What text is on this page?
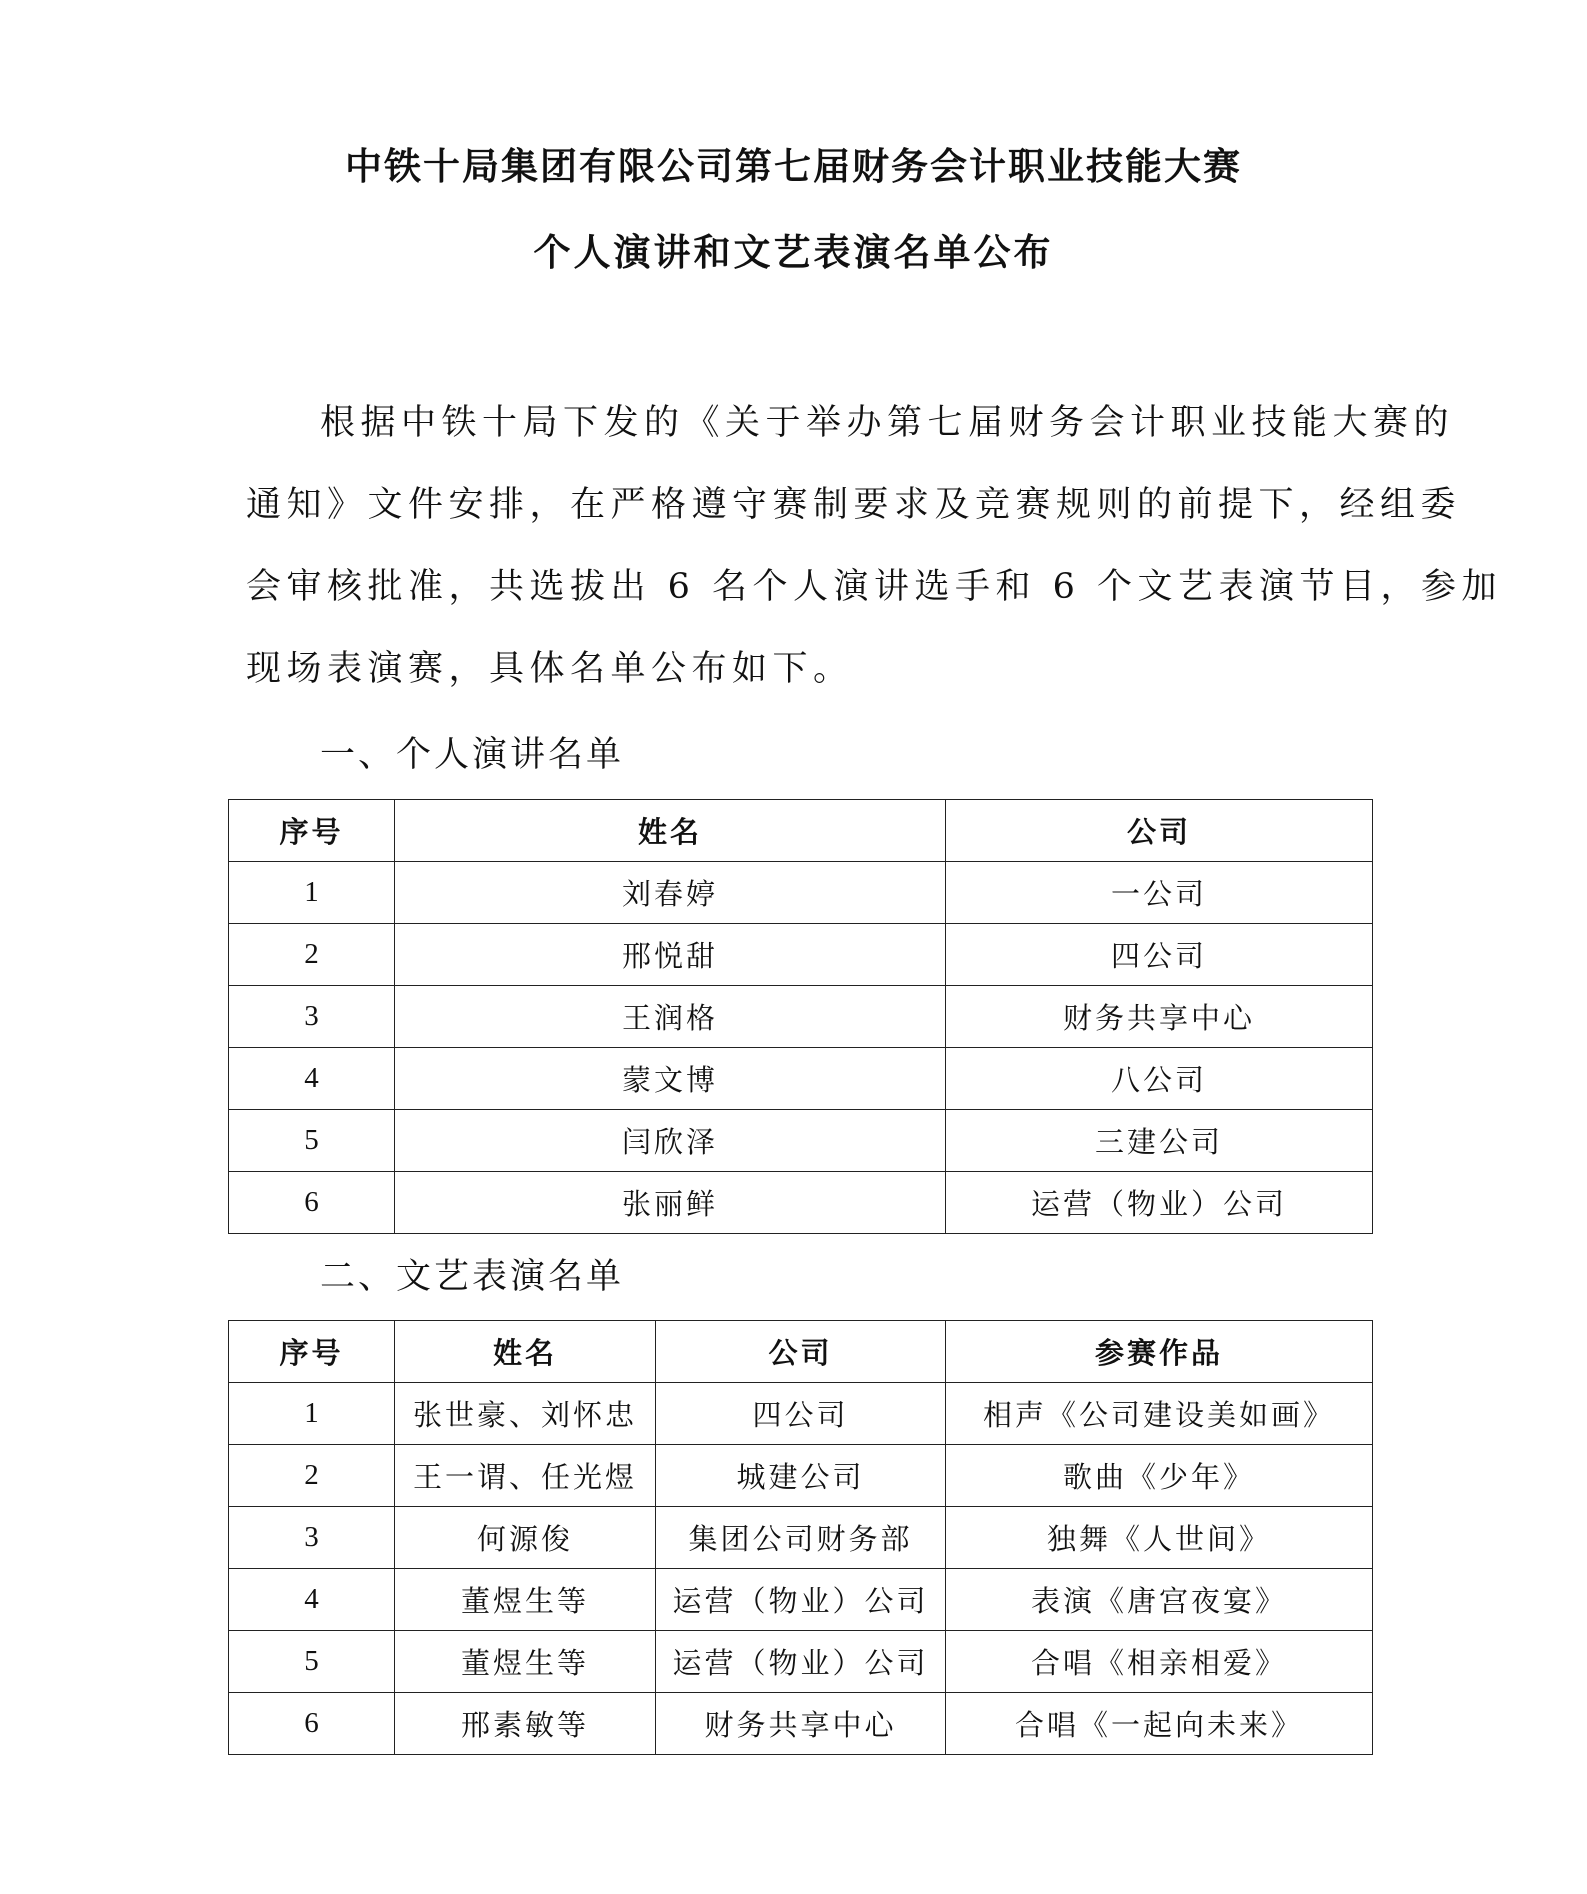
中铁十局集团有限公司第七届财务会计职业技能大赛
个人演讲和文艺表演名单公布
根据中铁十局下发的《关于举办第七届财务会计职业技能大赛的
通知》文件安排，在严格遵守赛制要求及竞赛规则的前提下，经组委
会审核批准，共选拔出 6 名个人演讲选手和 6 个文艺表演节目，参加
现场表演赛，具体名单公布如下。
一、个人演讲名单
序号	姓名	公司
1	刘春婷	一公司
2	邢悦甜	四公司
3	王润格	财务共享中心
4	蒙文博	八公司
5	闫欣泽	三建公司
6	张丽鲜	运营（物业）公司
二、文艺表演名单
序号	姓名	公司	参赛作品
1	张世豪、刘怀忠	四公司	相声《公司建设美如画》
2	王一谓、任光煜	城建公司	歌曲《少年》
3	何源俊	集团公司财务部	独舞《人世间》
4	董煜生等	运营（物业）公司	表演《唐宫夜宴》
5	董煜生等	运营（物业）公司	合唱《相亲相爱》
6	邢素敏等	财务共享中心	合唱《一起向未来》
